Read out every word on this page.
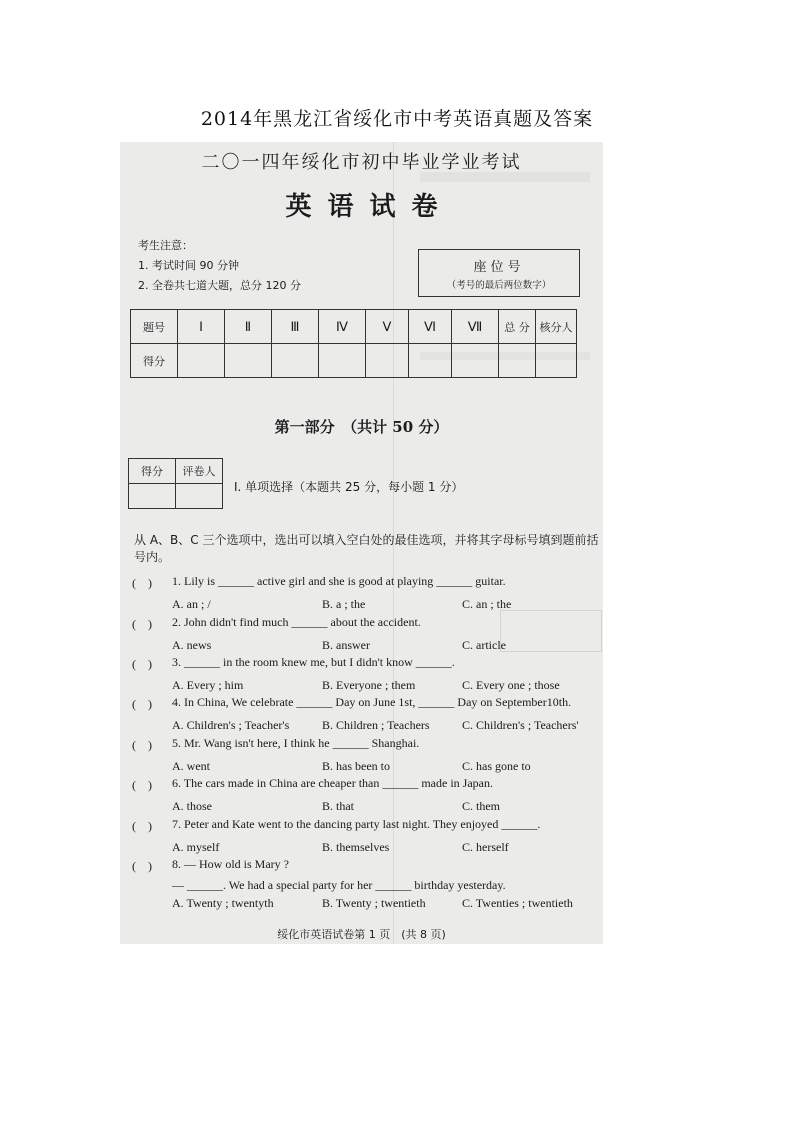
2014年黑龙江省绥化市中考英语真题及答案
二〇一四年绥化市初中毕业学业考试
英语试卷
考生注意：
1. 考试时间 90 分钟
2. 全卷共七道大题，总分 120 分
座位号
（考号的最后两位数字）
题号	Ⅰ	Ⅱ	Ⅲ	Ⅳ	Ⅴ	Ⅵ	Ⅶ	总 分	核分人
得分									
第一部分　（共计 50 分）
得分	评卷人

Ⅰ. 单项选择（本题共 25 分，每小题 1 分）
从 A、B、C 三个选项中，选出可以填入空白处的最佳选项，并将其字母标号填到题前括号内。
(　)	1. Lily is ______ active girl and she is good at playing ______ guitar.
A. an ; /	B. a ; the	C. an ; the
(　)	2. John didn't find much ______ about the accident.
A. news	B. answer	C. article
(　)	3. ______ in the room knew me, but I didn't know ______.
A. Every ; him	B. Everyone ; them	C. Every one ; those
(　)	4. In China, We celebrate ______ Day on June 1st, ______ Day on September10th.
A. Children's ; Teacher's	B. Children ; Teachers	C. Children's ; Teachers'
(　)	5. Mr. Wang isn't here, I think he ______ Shanghai.
A. went	B. has been to	C. has gone to
(　)	6. The cars made in China are cheaper than ______ made in Japan.
A. those	B. that	C. them
(　)	7. Peter and Kate went to the dancing party last night. They enjoyed ______.
A. myself	B. themselves	C. herself
(　)	8. — How old is Mary ?
— ______. We had a special party for her ______ birthday yesterday.
A. Twenty ; twentyth	B. Twenty ; twentieth	C. Twenties ; twentieth
绥化市英语试卷第 1 页　(共 8 页)
